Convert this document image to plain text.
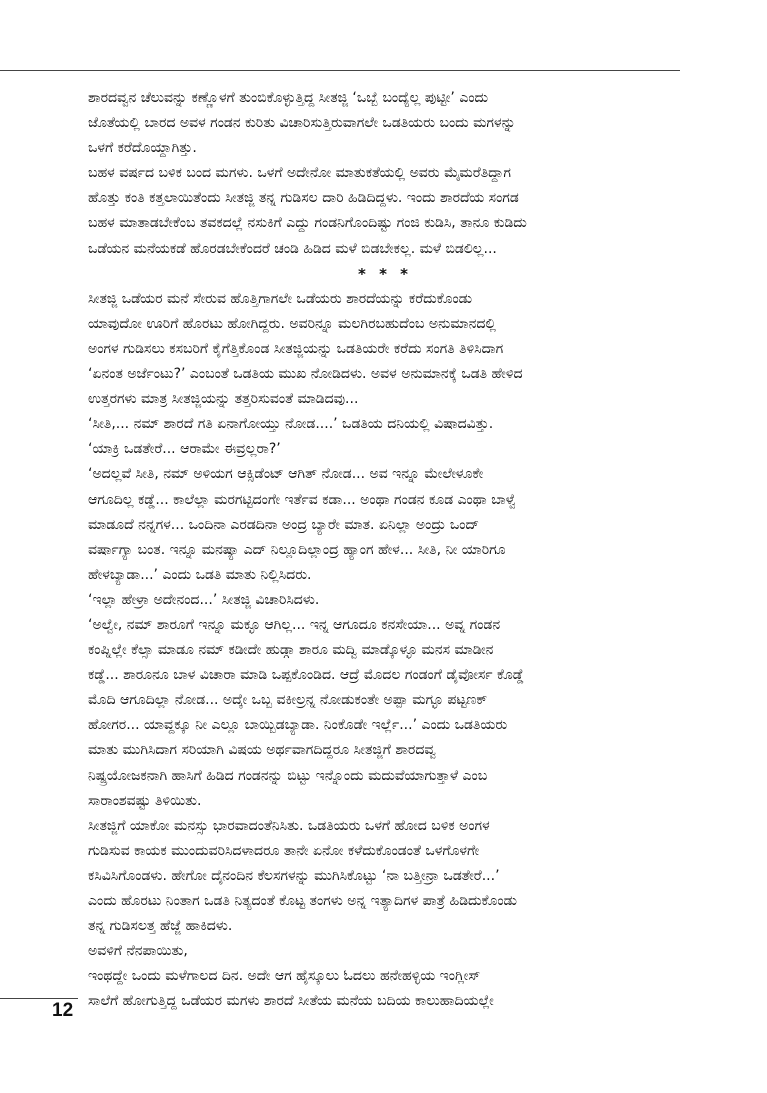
ಶಾರದವ್ವನ ಚೆಲುವನ್ನು ಕಣ್ಣೊಳಗೆ ತುಂಬಿಕೊಳ್ಳುತ್ತಿದ್ದ ಸೀತಜ್ಜಿ ‘ಒಬ್ಬೆ ಬಂದ್ಯೆಲ್ಲ ಪುಟ್ಟೀ’ ಎಂದು
ಜೊತೆಯಲ್ಲಿ ಬಾರದ ಅವಳ ಗಂಡನ ಕುರಿತು ವಿಚಾರಿಸುತ್ತಿರುವಾಗಲೇ ಒಡತಿಯರು ಬಂದು ಮಗಳನ್ನು
ಒಳಗೆ ಕರೆದೊಯ್ದಾಗಿತ್ತು.
ಬಹಳ ವರ್ಷದ ಬಳಿಕ ಬಂದ ಮಗಳು. ಒಳಗೆ ಅದೇನೋ ಮಾತುಕತೆಯಲ್ಲಿ ಅವರು ಮೈಮರೆತಿದ್ದಾಗ
ಹೊತ್ತು ಕಂತಿ ಕತ್ತಲಾಯಿತೆಂದು ಸೀತಜ್ಜಿ ತನ್ನ ಗುಡಿಸಲ ದಾರಿ ಹಿಡಿದಿದ್ದಳು. ಇಂದು ಶಾರದೆಯ ಸಂಗಡ
ಬಹಳ ಮಾತಾಡಬೇಕೆಂಬ ತವಕದಲ್ಲೆ ನಸುಕಿಗೆ ಎದ್ದು ಗಂಡನಿಗೊಂದಿಷ್ಟು ಗಂಜಿ ಕುಡಿಸಿ, ತಾನೂ ಕುಡಿದು
ಒಡೆಯನ ಮನೆಯಕಡೆ ಹೊರಡಬೇಕೆಂದರೆ ಚಂಡಿ ಹಿಡಿದ ಮಳೆ ಬಿಡಬೇಕಲ್ಲ. ಮಳೆ ಬಿಡಲಿಲ್ಲ...
* * *
ಸೀತಜ್ಜಿ ಒಡೆಯರ ಮನೆ ಸೇರುವ ಹೊತ್ತಿಗಾಗಲೇ ಒಡೆಯರು ಶಾರದೆಯನ್ನು ಕರೆದುಕೊಂಡು
ಯಾವುದೋ ಊರಿಗೆ ಹೊರಟು ಹೋಗಿದ್ದರು. ಅವರಿನ್ನೂ ಮಲಗಿರಬಹುದೆಂಬ ಅನುಮಾನದಲ್ಲಿ
ಅಂಗಳ ಗುಡಿಸಲು ಕಸಬರಿಗೆ ಕೈಗೆತ್ತಿಕೊಂಡ ಸೀತಜ್ಜಿಯನ್ನು ಒಡತಿಯರೇ ಕರೆದು ಸಂಗತಿ ತಿಳಿಸಿದಾಗ
‘ಏನಂತ ಅರ್ಜೆಂಟು?’ ಎಂಬಂತೆ ಒಡತಿಯ ಮುಖ ನೋಡಿದಳು. ಅವಳ ಅನುಮಾನಕ್ಕೆ ಒಡತಿ ಹೇಳಿದ
ಉತ್ತರಗಳು ಮಾತ್ರ ಸೀತಜ್ಜಿಯನ್ನು ತತ್ತರಿಸುವಂತೆ ಮಾಡಿದವು...
‘ಸೀತಿ,... ನಮ್ ಶಾರದೆ ಗತಿ ಏನಾಗೋಯ್ತು ನೋಡ....’ ಒಡತಿಯ ದನಿಯಲ್ಲಿ ವಿಷಾದವಿತ್ತು.
‘ಯಾಕ್ರಿ ಒಡತೇರೆ... ಆರಾಮೇ ಈವ್ರಲ್ಲರಾ?’
‘ಅದಲ್ಲವೆ ಸೀತಿ, ನಮ್ ಅಳಿಯಗ ಆಕ್ಸಿಡೆಂಟ್ ಆಗಿತ್ ನೋಡ... ಅವ ಇನ್ನೂ ಮೇಲೇಳೂಕೇ
ಆಗೂದಿಲ್ಲ ಕಡ್ಡೆ... ಕಾಲೆಲ್ಲಾ ಮರಗಟ್ಟಿದಂಗೇ ಇರ್ತೆವ ಕಡಾ... ಅಂಥಾ ಗಂಡನ ಕೂಡ ಎಂಥಾ ಬಾಳ್ವೆ
ಮಾಡೂದೆ ನನ್ನಗಳ... ಒಂದಿನಾ ಎರಡದಿನಾ ಅಂದ್ರ ಬ್ಯಾರೇ ಮಾತ. ಏನಿಲ್ಲಾ ಅಂದ್ರು ಒಂದ್
ವರ್ಷಾಗ್ಯಾ ಬಂತ. ಇನ್ನೂ ಮನಷ್ಯಾ ಎದ್ ನಿಲ್ಲೂದಿಲ್ಲಾಂದ್ರ ಹ್ಯಾಂಗ ಹೇಳ... ಸೀತಿ, ನೀ ಯಾರಿಗೂ
ಹೇಳಬ್ಯಾಡಾ...’ ಎಂದು ಒಡತಿ ಮಾತು ನಿಲ್ಲಿಸಿದರು.
‘ಇಲ್ಲಾ ಹೇಳ್ರಾ ಅದೇನಂದ...’ ಸೀತಜ್ಜಿ ವಿಚಾರಿಸಿದಳು.
‘ಅಲ್ವೇ, ನಮ್ ಶಾರೂಗೆ ಇನ್ನೂ ಮಕ್ಳೂ ಆಗಿಲ್ಲ... ಇನ್ನ ಆಗೂದೂ ಕನಸೇಯಾ... ಅವ್ನ ಗಂಡನ
ಕಂಪ್ನಿಲ್ಲೇ ಕೆಲ್ಸಾ ಮಾಡೂ ನಮ್ ಕಡೀದೇ ಹುಡ್ಗಾ ಶಾರೂ ಮದ್ವಿ ಮಾಡ್ಕೊಳ್ಳೂ ಮನಸ ಮಾಡೀನ
ಕಡ್ಡೆ... ಶಾರೂನೂ ಬಾಳ ವಿಚಾರಾ ಮಾಡಿ ಒಪ್ಪಕೊಂಡಿದ. ಆದ್ರೆ ಮೊದಲ ಗಂಡಂಗೆ ಡೈವೋರ್ಸ ಕೊಡ್ಡೆ
ಮೊದಿ ಆಗೂದಿಲ್ಲಾ ನೋಡ... ಅದ್ಕೇ ಒಬ್ಬ ವಕೀಲ್ರನ್ನ ನೋಡುಕಂತೇ ಅಪ್ಪಾ ಮಗ್ಳೂ ಪಟ್ಟಣಕ್
ಹೋಗರ... ಯಾವ್ದಕ್ಕೂ ನೀ ಎಲ್ಲೂ ಬಾಯ್ಬಿಡಬ್ಯಾಡಾ. ನಿಂಕೊಡೇ ಇರ್ಲ್ಲೆ...’ ಎಂದು ಒಡತಿಯರು
ಮಾತು ಮುಗಿಸಿದಾಗ ಸರಿಯಾಗಿ ವಿಷಯ ಅರ್ಥವಾಗದಿದ್ದರೂ ಸೀತಜ್ಜಿಗೆ ಶಾರದವ್ವ
ನಿಷ್ಪ್ರಯೋಜಕನಾಗಿ ಹಾಸಿಗೆ ಹಿಡಿದ ಗಂಡನನ್ನು ಬಿಟ್ಟು ಇನ್ನೊಂದು ಮದುವೆಯಾಗುತ್ತಾಳೆ ಎಂಬ
ಸಾರಾಂಶವಷ್ಟು ತಿಳಿಯಿತು.
ಸೀತಜ್ಜಿಗೆ ಯಾಕೋ ಮನಸ್ಸು ಭಾರವಾದಂತೆನಿಸಿತು. ಒಡತಿಯರು ಒಳಗೆ ಹೋದ ಬಳಿಕ ಅಂಗಳ
ಗುಡಿಸುವ ಕಾಯಕ ಮುಂದುವರಿಸಿದಳಾದರೂ ತಾನೇ ಏನೋ ಕಳೆದುಕೊಂಡಂತೆ ಒಳಗೊಳಗೇ
ಕಸಿವಿಸಿಗೊಂಡಳು. ಹೇಗೋ ದೈನಂದಿನ ಕೆಲಸಗಳನ್ನು ಮುಗಿಸಿಕೊಟ್ಟು ‘ನಾ ಬತ್ತೀನ್ರಾ ಒಡತೇರೆ...’
ಎಂದು ಹೊರಟು ನಿಂತಾಗ ಒಡತಿ ನಿತ್ಯದಂತೆ ಕೊಟ್ಟ ತಂಗಳು ಅನ್ನ ಇತ್ಯಾದಿಗಳ ಪಾತ್ರೆ ಹಿಡಿದುಕೊಂಡು
ತನ್ನ ಗುಡಿಸಲತ್ತ ಹೆಜ್ಜೆ ಹಾಕಿದಳು.
ಅವಳಿಗೆ ನೆನಪಾಯಿತು,
ಇಂಥದ್ದೇ ಒಂದು ಮಳೆಗಾಲದ ದಿನ. ಅದೇ ಆಗ ಹೈಸ್ಕೂಲು ಓದಲು ಹನೇಹಳ್ಳಿಯ ಇಂಗ್ಲೀಸ್
ಸಾಲೆಗೆ ಹೋಗುತ್ತಿದ್ದ ಒಡೆಯರ ಮಗಳು ಶಾರದೆ ಸೀತೆಯ ಮನೆಯ ಬದಿಯ ಕಾಲುಹಾದಿಯಲ್ಲೇ
12
